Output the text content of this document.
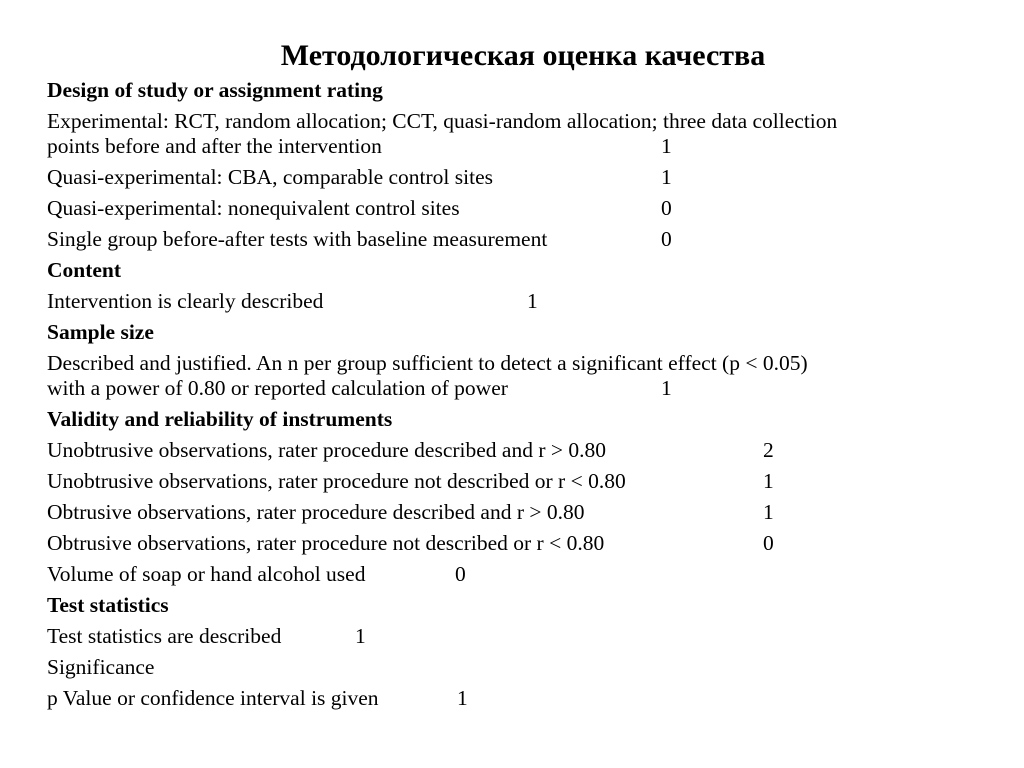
Методологическая оценка качества
Design of study or assignment rating
Experimental: RCT, random allocation; CCT, quasi-random allocation; three data collection
points before and after the intervention	1
Quasi-experimental: CBA, comparable control sites	1
Quasi-experimental: nonequivalent control sites	0
Single group before-after tests with baseline measurement	0
Content
Intervention is clearly described	1
Sample size
Described and justified. An n per group sufficient to detect a significant effect (p < 0.05)
with a power of 0.80 or reported calculation of power	1
Validity and reliability of instruments
Unobtrusive observations, rater procedure described and r > 0.80	2
Unobtrusive observations, rater procedure not described or r < 0.80	1
Obtrusive observations, rater procedure described and r > 0.80	1
Obtrusive observations, rater procedure not described or r < 0.80	0
Volume of soap or hand alcohol used	0
Test statistics
Test statistics are described	1
Significance
p Value or confidence interval is given	1
